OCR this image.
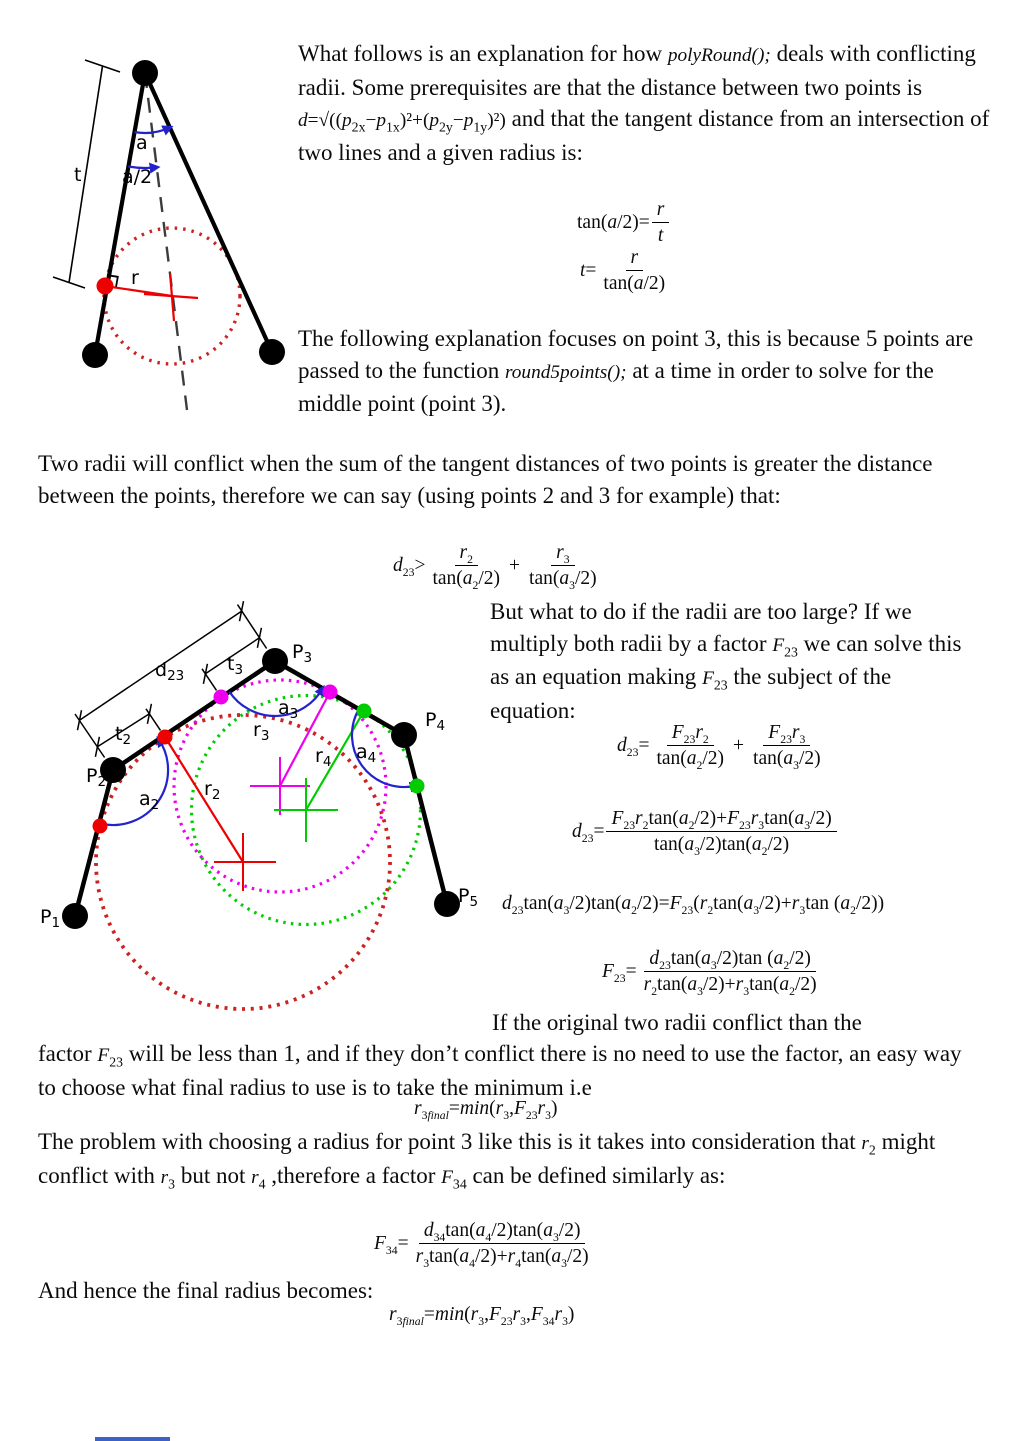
t
a
a/2
r

What follows is an explanation for how polyRound(); deals with conflicting radii. Some prerequisites are that the distance between two points is $d=√((p_{2x}-p_{1x})^2+(p_{2y}-p_{1y})^2)$ and that the tangent distance from an intersection of two lines and a given radius is:

$\tan(a/2)= \frac{r}{t}$
$t= \frac{r}{\tan(a/2)}$

The following explanation focuses on point 3, this is because 5 points are passed to the function round5points(); at a time in order to solve for the middle point (point 3).

Two radii will conflict when the sum of the tangent distances of two points is greater the distance between the points, therefore we can say (using points 2 and 3 for example) that:

$d_{23}> \frac{r_2}{\tan(a_2/2)} + \frac{r_3}{\tan(a_3/2)}$
$d_{23}$
$t_2$
$t_3$
$P_1$
$P_2$
$P_3$
$P_4$
$P_5$
$a_2$
$a_3$
$a_4$
$r_2$
$r_3$
$r_4$

But what to do if the radii are too large? If we multiply both radii by a factor $F_{23}$ we can solve this as an equation making $F_{23}$ the subject of the equation:

$d_{23}= \frac{F_{23}r_2}{\tan(a_2/2)} + \frac{F_{23}r_3}{\tan(a_3/2)}$
$d_{23}= \frac{F_{23}r_2\tan(a_2/2)+F_{23}r_3\tan(a_3/2)}{\tan(a_3/2)\tan(a_2/2)}$
$d_{23}\tan(a_3/2)\tan(a_2/2)=F_{23}(r_2\tan(a_3/2)+r_3\tan$ $(a_2/2)$)
$F_{23}= \frac{d_{23}\tan(a_3/2)\tan (a_2/2)}{r_2\tan(a_3/2)+r_3\tan(a_2/2)}$

If the original two radii conflict than the

factor $F_{23}$ will be less than 1, and if they don’t conflict there is no need to use the factor, an easy way to choose what final radius to use is to take the minimum i.e

$r_{3final}=\min(r_3,F_{23}r_3)$

The problem with choosing a radius for point 3 like this is it takes into consideration that $r_2$ might conflict with $r_3$ but not $r_4$ ,therefore a factor $F_{34}$ can be defined similarly as:

$F_{34}= \frac{d_{34}\tan(a_4/2)\tan(a_3/2)}{r_3\tan(a_4/2)+r_4\tan(a_3/2)}$

And hence the final radius becomes:

$r_{3final}=\min(r_3,F_{23}r_3,F_{34}r_3)$
